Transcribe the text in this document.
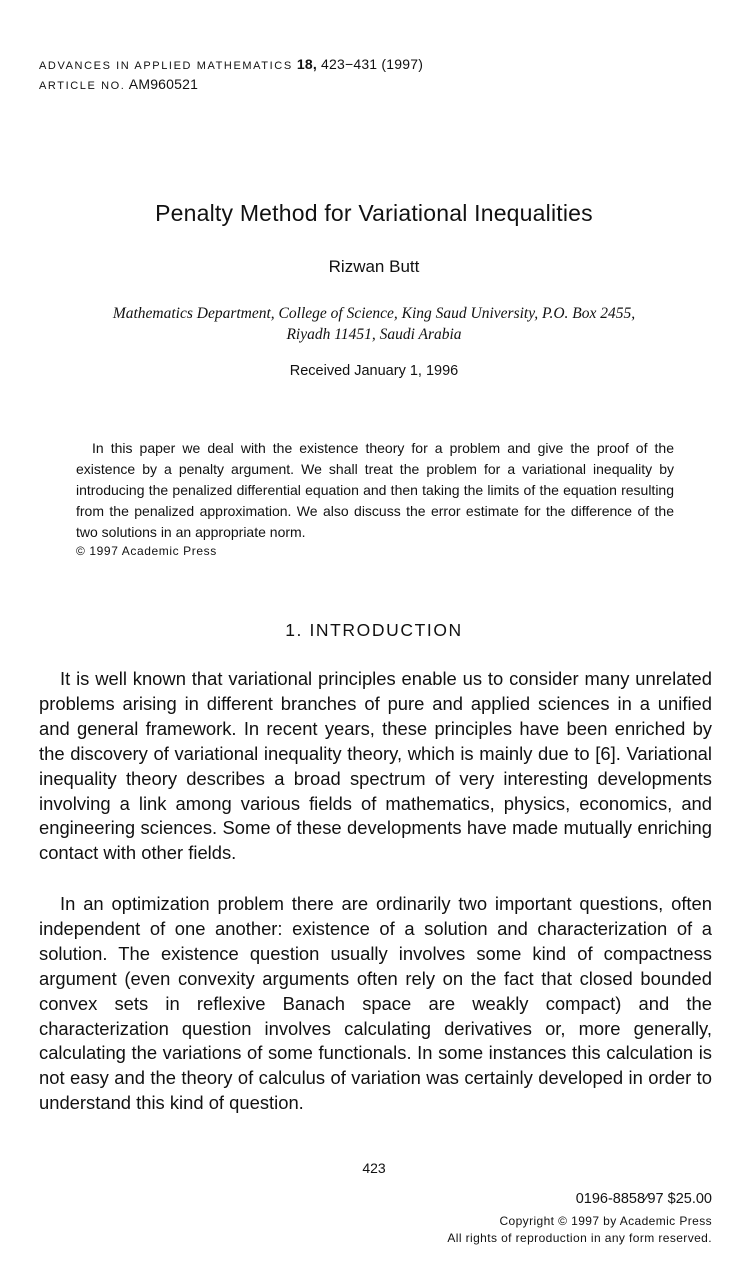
ADVANCES IN APPLIED MATHEMATICS 18, 423−431 (1997)
ARTICLE NO. AM960521
Penalty Method for Variational Inequalities
Rizwan Butt
Mathematics Department, College of Science, King Saud University, P.O. Box 2455,
Riyadh 11451, Saudi Arabia
Received January 1, 1996

In this paper we deal with the existence theory for a problem and give the proof of the existence by a penalty argument. We shall treat the problem for a variational inequality by introducing the penalized differential equation and then taking the limits of the equation resulting from the penalized approximation. We also discuss the error estimate for the difference of the two solutions in an appropriate norm.

© 1997 Academic Press
1. INTRODUCTION

It is well known that variational principles enable us to consider many unrelated problems arising in different branches of pure and applied sciences in a unified and general framework. In recent years, these principles have been enriched by the discovery of variational inequality theory, which is mainly due to [6]. Variational inequality theory describes a broad spectrum of very interesting developments involving a link among various fields of mathematics, physics, economics, and engineering sciences. Some of these developments have made mutually enriching contact with other fields.

In an optimization problem there are ordinarily two important questions, often independent of one another: existence of a solution and characterization of a solution. The existence question usually involves some kind of compactness argument (even convexity arguments often rely on the fact that closed bounded convex sets in reflexive Banach space are weakly compact) and the characterization question involves calculating derivatives or, more generally, calculating the variations of some functionals. In some instances this calculation is not easy and the theory of calculus of variation was certainly developed in order to understand this kind of question.

423
0196-8858∕97 $25.00
Copyright © 1997 by Academic Press
All rights of reproduction in any form reserved.
